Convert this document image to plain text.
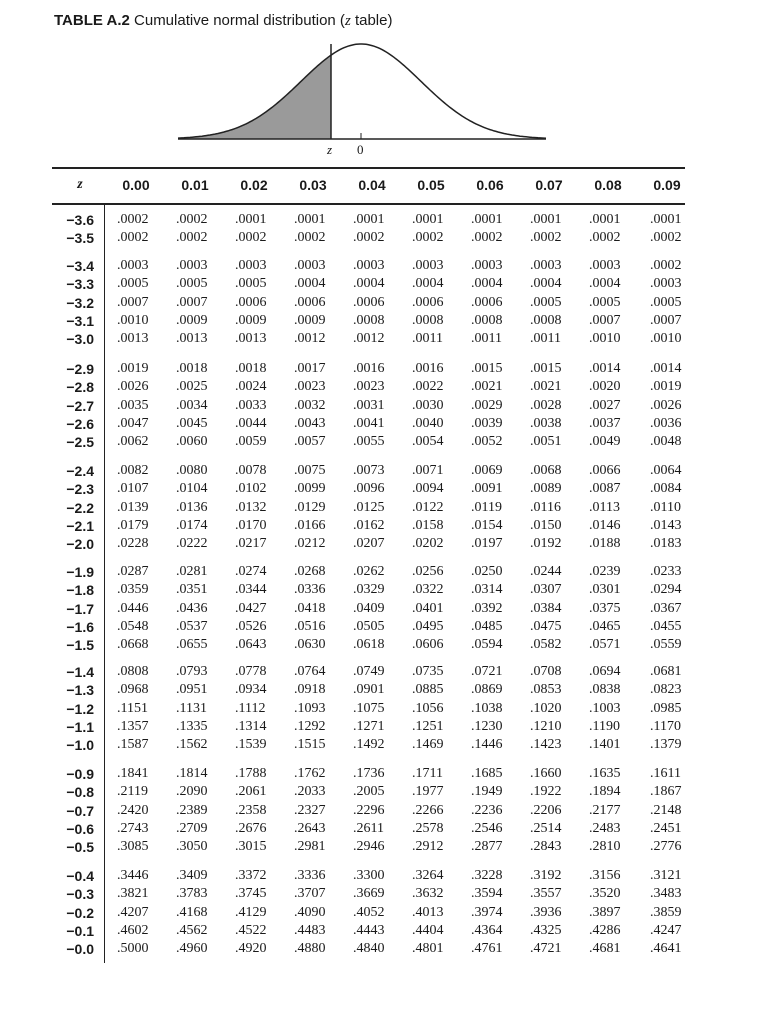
TABLE A.2 Cumulative normal distribution (z table)
z 0
z	0.00	0.01	0.02	0.03	0.04	0.05	0.06	0.07	0.08	0.09
−3.6 .0002 .0002 .0001 .0001 .0001 .0001 .0001 .0001 .0001 .0001
−3.5 .0002 .0002 .0002 .0002 .0002 .0002 .0002 .0002 .0002 .0002
−3.4 .0003 .0003 .0003 .0003 .0003 .0003 .0003 .0003 .0003 .0002
−3.3 .0005 .0005 .0005 .0004 .0004 .0004 .0004 .0004 .0004 .0003
−3.2 .0007 .0007 .0006 .0006 .0006 .0006 .0006 .0005 .0005 .0005
−3.1 .0010 .0009 .0009 .0009 .0008 .0008 .0008 .0008 .0007 .0007
−3.0 .0013 .0013 .0013 .0012 .0012 .0011 .0011 .0011 .0010 .0010
−2.9 .0019 .0018 .0018 .0017 .0016 .0016 .0015 .0015 .0014 .0014
−2.8 .0026 .0025 .0024 .0023 .0023 .0022 .0021 .0021 .0020 .0019
−2.7 .0035 .0034 .0033 .0032 .0031 .0030 .0029 .0028 .0027 .0026
−2.6 .0047 .0045 .0044 .0043 .0041 .0040 .0039 .0038 .0037 .0036
−2.5 .0062 .0060 .0059 .0057 .0055 .0054 .0052 .0051 .0049 .0048
−2.4 .0082 .0080 .0078 .0075 .0073 .0071 .0069 .0068 .0066 .0064
−2.3 .0107 .0104 .0102 .0099 .0096 .0094 .0091 .0089 .0087 .0084
−2.2 .0139 .0136 .0132 .0129 .0125 .0122 .0119 .0116 .0113 .0110
−2.1 .0179 .0174 .0170 .0166 .0162 .0158 .0154 .0150 .0146 .0143
−2.0 .0228 .0222 .0217 .0212 .0207 .0202 .0197 .0192 .0188 .0183
−1.9 .0287 .0281 .0274 .0268 .0262 .0256 .0250 .0244 .0239 .0233
−1.8 .0359 .0351 .0344 .0336 .0329 .0322 .0314 .0307 .0301 .0294
−1.7 .0446 .0436 .0427 .0418 .0409 .0401 .0392 .0384 .0375 .0367
−1.6 .0548 .0537 .0526 .0516 .0505 .0495 .0485 .0475 .0465 .0455
−1.5 .0668 .0655 .0643 .0630 .0618 .0606 .0594 .0582 .0571 .0559
−1.4 .0808 .0793 .0778 .0764 .0749 .0735 .0721 .0708 .0694 .0681
−1.3 .0968 .0951 .0934 .0918 .0901 .0885 .0869 .0853 .0838 .0823
−1.2 .1151 .1131 .1112 .1093 .1075 .1056 .1038 .1020 .1003 .0985
−1.1 .1357 .1335 .1314 .1292 .1271 .1251 .1230 .1210 .1190 .1170
−1.0 .1587 .1562 .1539 .1515 .1492 .1469 .1446 .1423 .1401 .1379
−0.9 .1841 .1814 .1788 .1762 .1736 .1711 .1685 .1660 .1635 .1611
−0.8 .2119 .2090 .2061 .2033 .2005 .1977 .1949 .1922 .1894 .1867
−0.7 .2420 .2389 .2358 .2327 .2296 .2266 .2236 .2206 .2177 .2148
−0.6 .2743 .2709 .2676 .2643 .2611 .2578 .2546 .2514 .2483 .2451
−0.5 .3085 .3050 .3015 .2981 .2946 .2912 .2877 .2843 .2810 .2776
−0.4 .3446 .3409 .3372 .3336 .3300 .3264 .3228 .3192 .3156 .3121
−0.3 .3821 .3783 .3745 .3707 .3669 .3632 .3594 .3557 .3520 .3483
−0.2 .4207 .4168 .4129 .4090 .4052 .4013 .3974 .3936 .3897 .3859
−0.1 .4602 .4562 .4522 .4483 .4443 .4404 .4364 .4325 .4286 .4247
−0.0 .5000 .4960 .4920 .4880 .4840 .4801 .4761 .4721 .4681 .4641
